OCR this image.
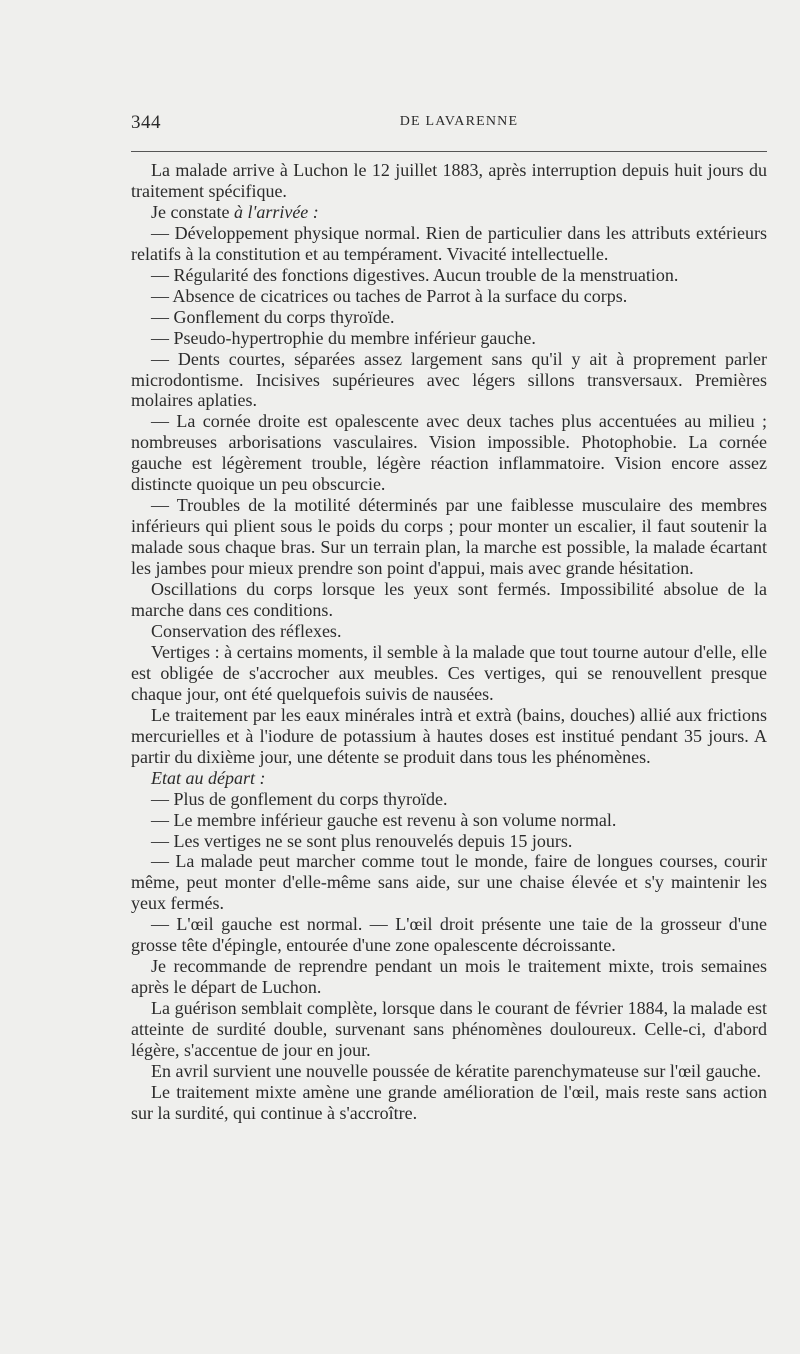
344	DE LAVARENNE

La malade arrive à Luchon le 12 juillet 1883, après interruption depuis huit jours du traitement spécifique.

Je constate à l'arrivée :

— Développement physique normal. Rien de particulier dans les attributs extérieurs relatifs à la constitution et au tempérament. Vivacité intellectuelle.

— Régularité des fonctions digestives. Aucun trouble de la menstruation.

— Absence de cicatrices ou taches de Parrot à la surface du corps.

— Gonflement du corps thyroïde.

— Pseudo-hypertrophie du membre inférieur gauche.

— Dents courtes, séparées assez largement sans qu'il y ait à proprement parler microdontisme. Incisives supérieures avec légers sillons transversaux. Premières molaires aplaties.

— La cornée droite est opalescente avec deux taches plus accentuées au milieu ; nombreuses arborisations vasculaires. Vision impossible. Photophobie. La cornée gauche est légèrement trouble, légère réaction inflammatoire. Vision encore assez distincte quoique un peu obscurcie.

— Troubles de la motilité déterminés par une faiblesse musculaire des membres inférieurs qui plient sous le poids du corps ; pour monter un escalier, il faut soutenir la malade sous chaque bras. Sur un terrain plan, la marche est possible, la malade écartant les jambes pour mieux prendre son point d'appui, mais avec grande hésitation.

Oscillations du corps lorsque les yeux sont fermés. Impossibilité absolue de la marche dans ces conditions.

Conservation des réflexes.

Vertiges : à certains moments, il semble à la malade que tout tourne autour d'elle, elle est obligée de s'accrocher aux meubles. Ces vertiges, qui se renouvellent presque chaque jour, ont été quelquefois suivis de nausées.

Le traitement par les eaux minérales intrà et extrà (bains, douches) allié aux frictions mercurielles et à l'iodure de potassium à hautes doses est institué pendant 35 jours. A partir du dixième jour, une détente se produit dans tous les phénomènes.

Etat au départ :

— Plus de gonflement du corps thyroïde.

— Le membre inférieur gauche est revenu à son volume normal.

— Les vertiges ne se sont plus renouvelés depuis 15 jours.

— La malade peut marcher comme tout le monde, faire de longues courses, courir même, peut monter d'elle-même sans aide, sur une chaise élevée et s'y maintenir les yeux fermés.

— L'œil gauche est normal. — L'œil droit présente une taie de la grosseur d'une grosse tête d'épingle, entourée d'une zone opalescente décroissante.

Je recommande de reprendre pendant un mois le traitement mixte, trois semaines après le départ de Luchon.

La guérison semblait complète, lorsque dans le courant de février 1884, la malade est atteinte de surdité double, survenant sans phénomènes douloureux. Celle-ci, d'abord légère, s'accentue de jour en jour.

En avril survient une nouvelle poussée de kératite parenchymateuse sur l'œil gauche.

Le traitement mixte amène une grande amélioration de l'œil, mais reste sans action sur la surdité, qui continue à s'accroître.
